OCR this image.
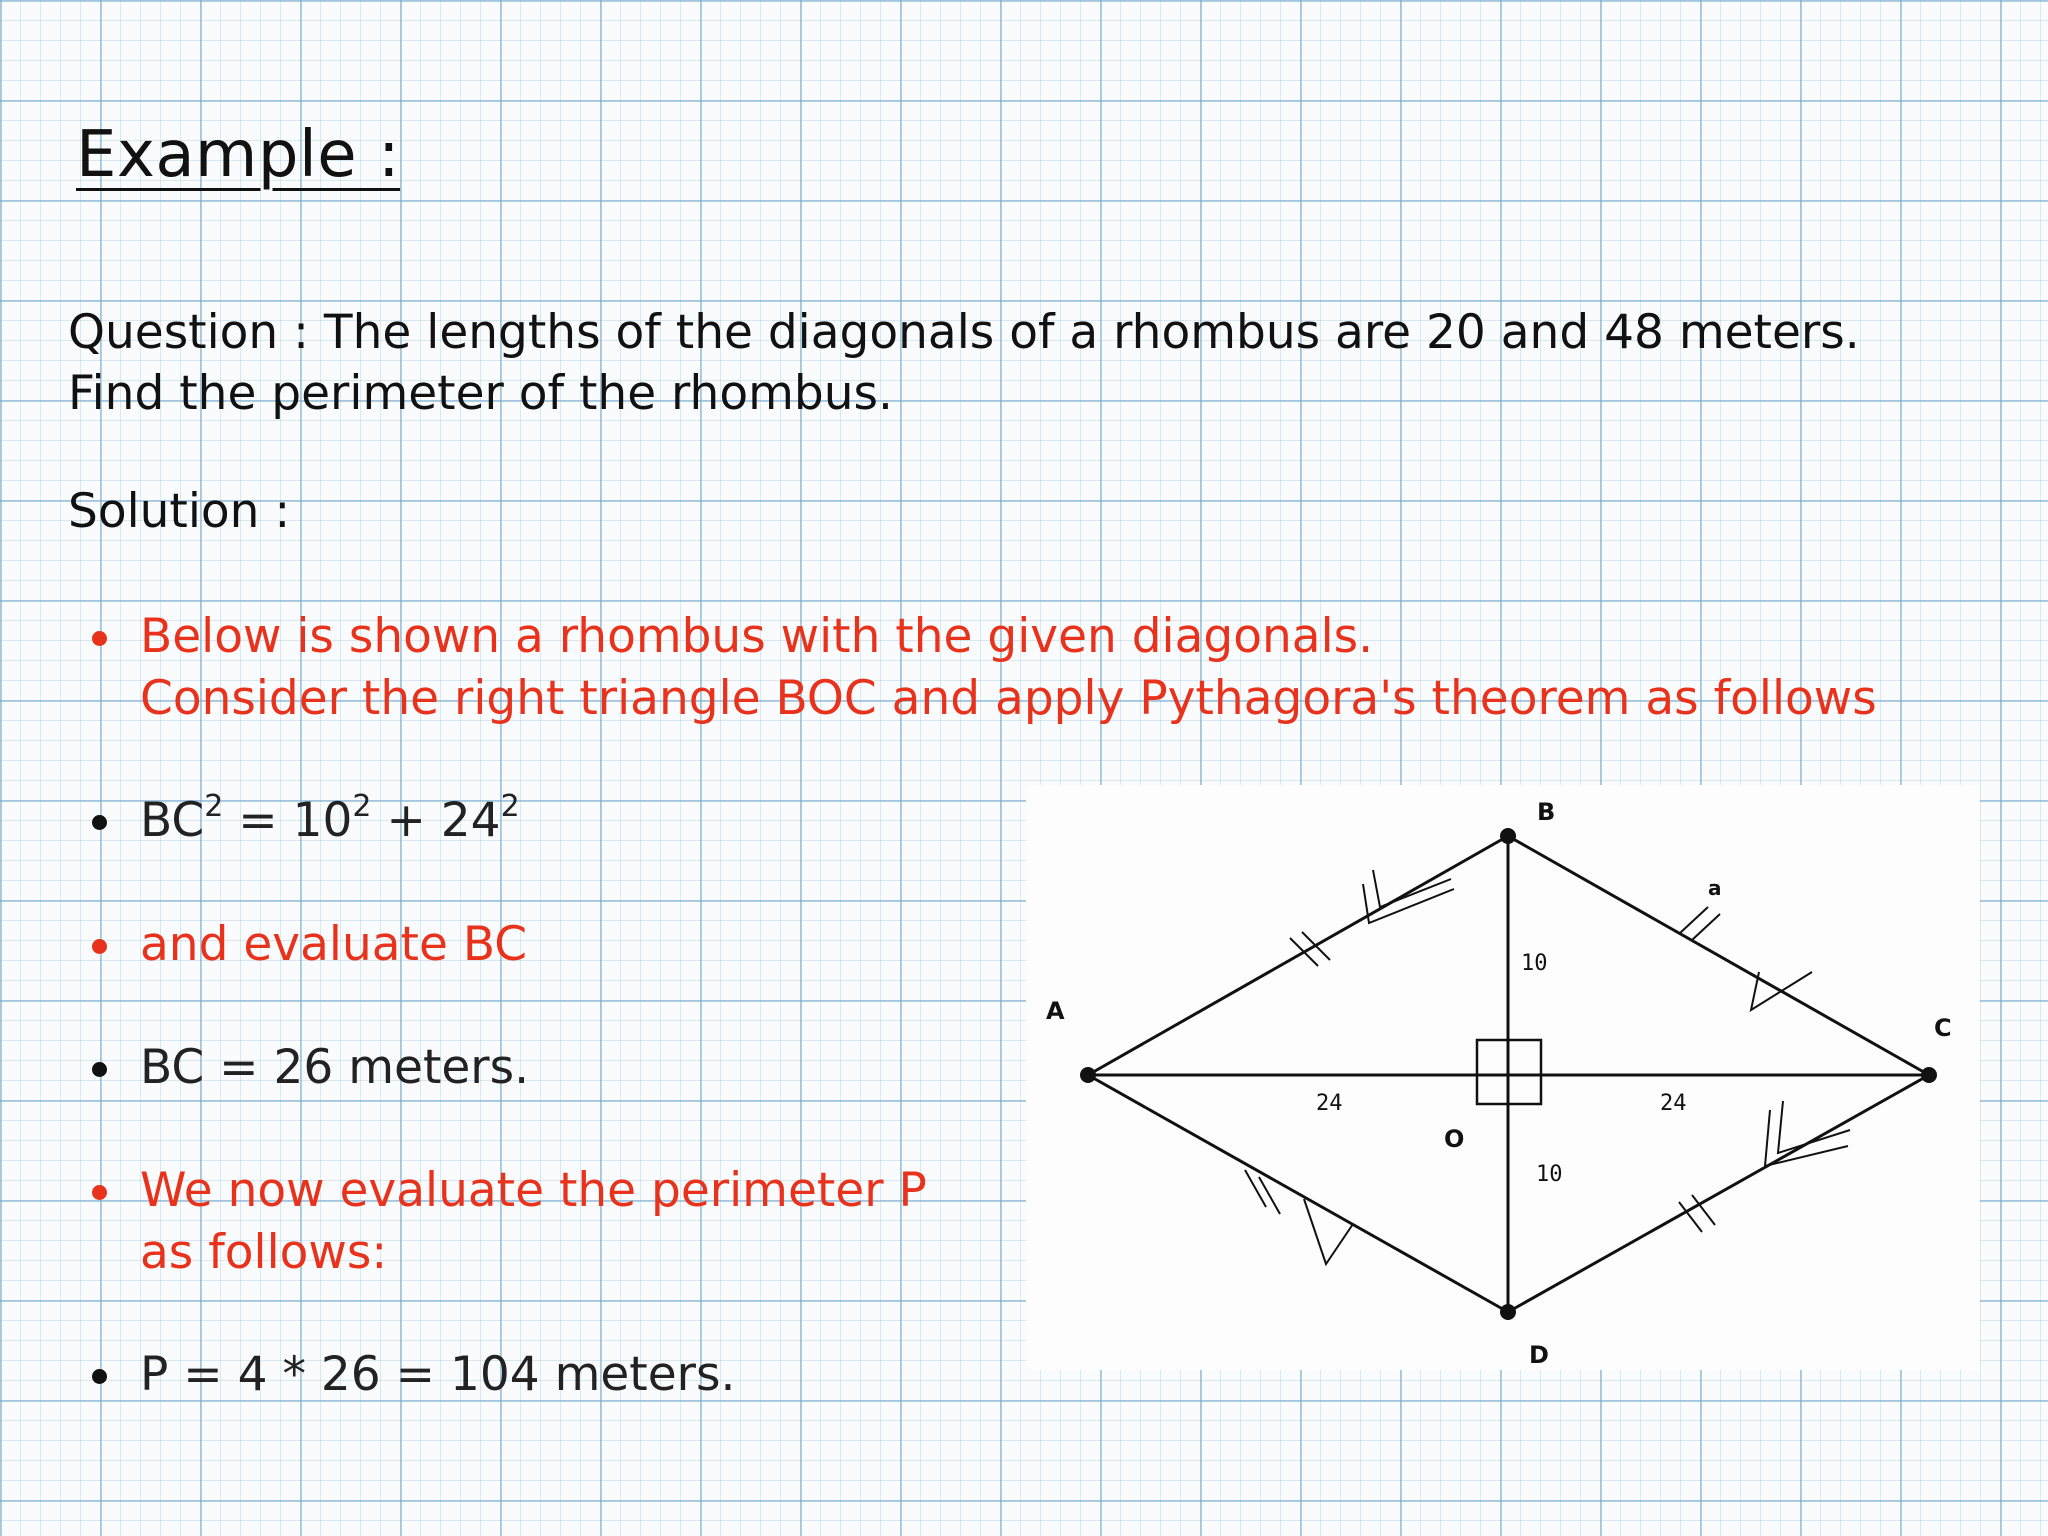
Example :
Question : The lengths of the diagonals of a rhombus are 20 and 48 meters.
Find the perimeter of the rhombus.
Solution :
Below is shown a rhombus with the given diagonals.
Consider the right triangle BOC and apply Pythagora's theorem as follows
$BC^2 = 10^2 + 24^2$
and evaluate BC
BC = 26 meters.
We now evaluate the perimeter P
as follows:
P = 4 * 26 = 104 meters.
A
B
C
D
O
10
10
24	24
a
